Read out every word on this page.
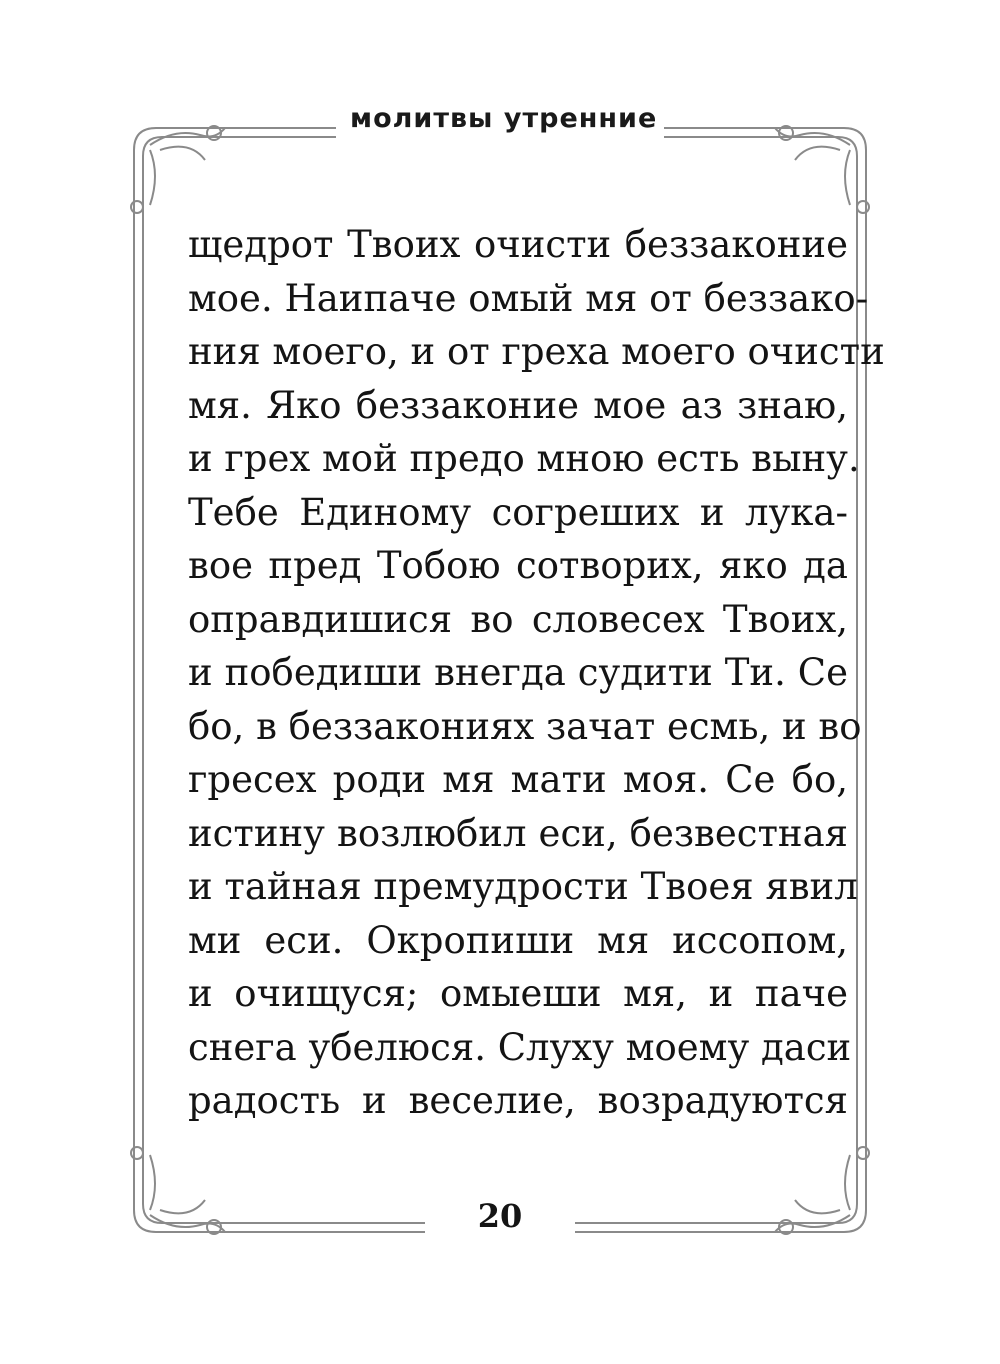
молитвы утренние
щедрот Твоих очисти беззаконие
мое. Наипаче омый мя от беззако-
ния моего, и от греха моего очисти
мя. Яко беззаконие мое аз знаю,
и грех мой предо мною есть выну.
Тебе Единому согреших и лука-
вое пред Тобою сотворих, яко да
оправдишися во словесех Твоих,
и победиши внегда судити Ти. Се
бо, в беззакониях зачат есмь, и во
гресех роди мя мати моя. Се бо,
истину возлюбил еси, безвестная
и тайная премудрости Твоея явил
ми еси. Окропиши мя иссопом,
и очищуся; омыеши мя, и паче
снега убелюся. Слуху моему даси
радость и веселие, возрадуются
20
